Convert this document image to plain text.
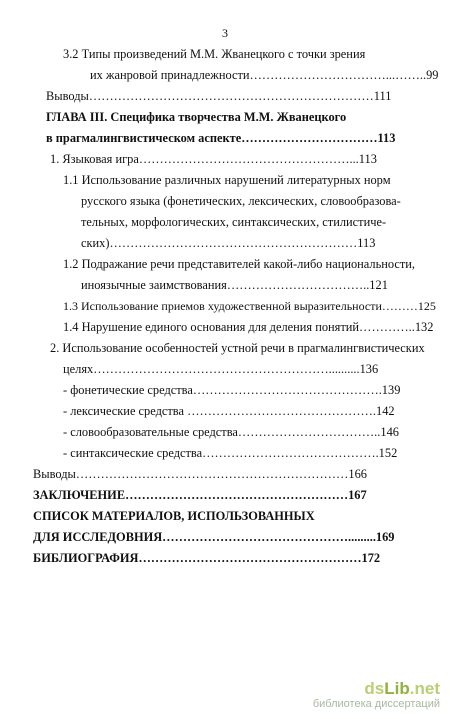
3
3.2 Типы произведений М.М. Жванецкого с точки зрения
их жанровой принадлежности……………………………...……..99
Выводы……………………………………………………………111
ГЛАВА III. Специфика творчества М.М. Жванецкого
в прагмалингвистическом аспекте……………………………113
1. Языковая игра……………………………………………...113
1.1 Использование различных нарушений литературных норм
русского языка (фонетических, лексических, словообразова-
тельных, морфологических, синтаксических, стилистиче-
ских)……………………………………………………113
1.2 Подражание речи представителей какой-либо национальности,
иноязычные заимствования……………………………..121
1.3 Использование приемов художественной выразительности………125
1.4 Нарушение единого основания для деления понятий…………..132
2. Использование особенностей устной речи в прагмалингвистических
целях…………………………………………………..........136
- фонетические средства……………………………………….139
- лексические средства ……………………………………….142
- словообразовательные средства……………………………..146
- синтаксические средства…………………………………….152
Выводы…………………………………………………………166
ЗАКЛЮЧЕНИЕ………………………………………………167
СПИСОК МАТЕРИАЛОВ, ИСПОЛЬЗОВАННЫХ
ДЛЯ ИССЛЕДОВНИЯ……………………………………….........169
БИБЛИОГРАФИЯ………………………………………………172
dsLib.net
библиотека диссертаций
